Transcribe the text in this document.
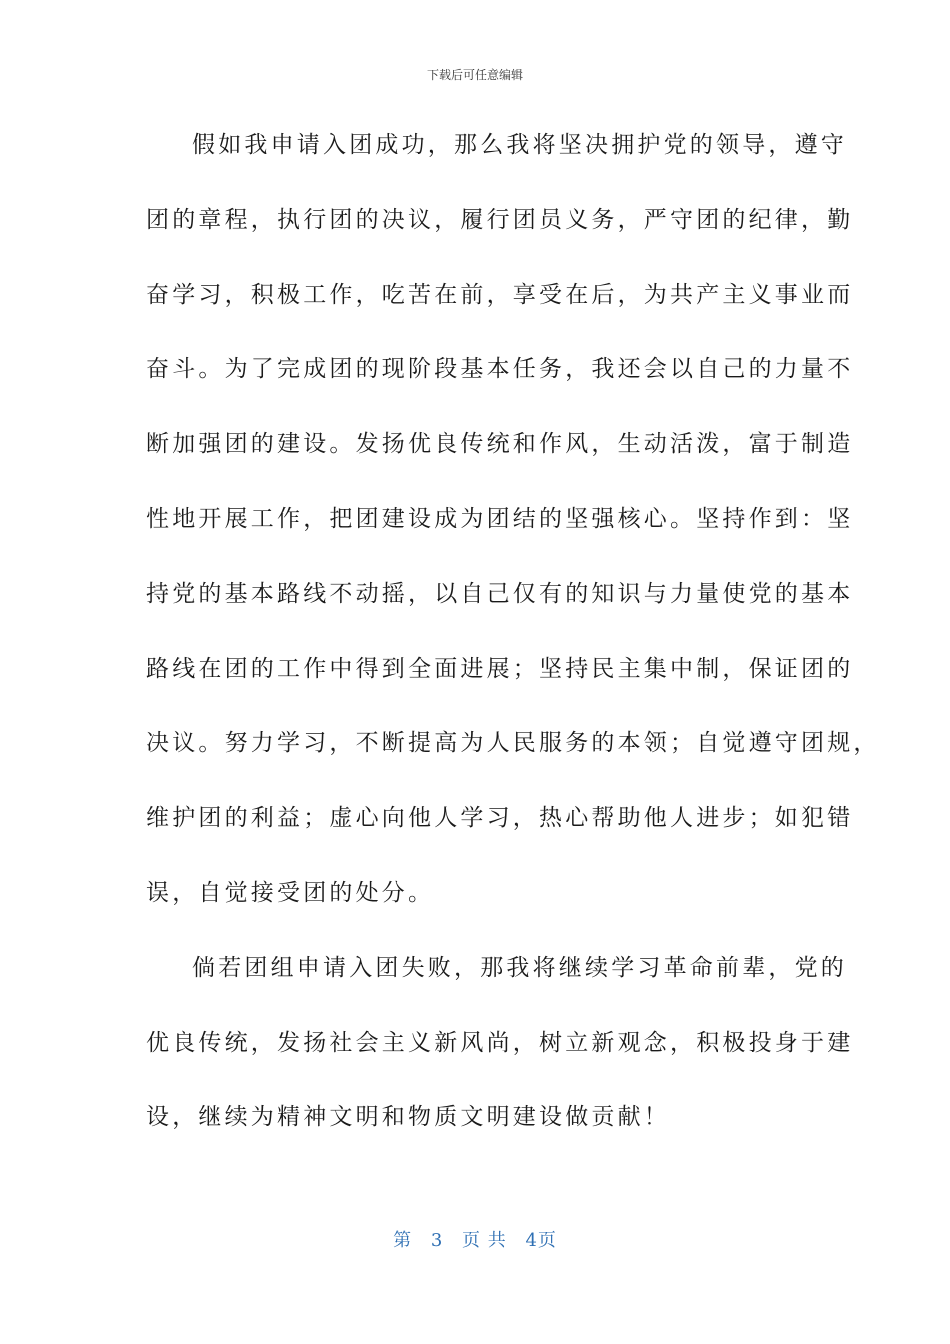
下载后可任意编辑
假如我申请入团成功，那么我将坚决拥护党的领导，遵守
团的章程，执行团的决议，履行团员义务，严守团的纪律，勤
奋学习，积极工作，吃苦在前，享受在后，为共产主义事业而
奋斗。为了完成团的现阶段基本任务，我还会以自己的力量不
断加强团的建设。发扬优良传统和作风，生动活泼，富于制造
性地开展工作，把团建设成为团结的坚强核心。坚持作到：坚
持党的基本路线不动摇，以自己仅有的知识与力量使党的基本
路线在团的工作中得到全面进展；坚持民主集中制，保证团的
决议。努力学习，不断提高为人民服务的本领；自觉遵守团规，
维护团的利益；虚心向他人学习，热心帮助他人进步；如犯错
误，自觉接受团的处分。
倘若团组申请入团失败，那我将继续学习革命前辈，党的
优良传统，发扬社会主义新风尚，树立新观念，积极投身于建
设，继续为精神文明和物质文明建设做贡献！
第 3 页 共 4页
